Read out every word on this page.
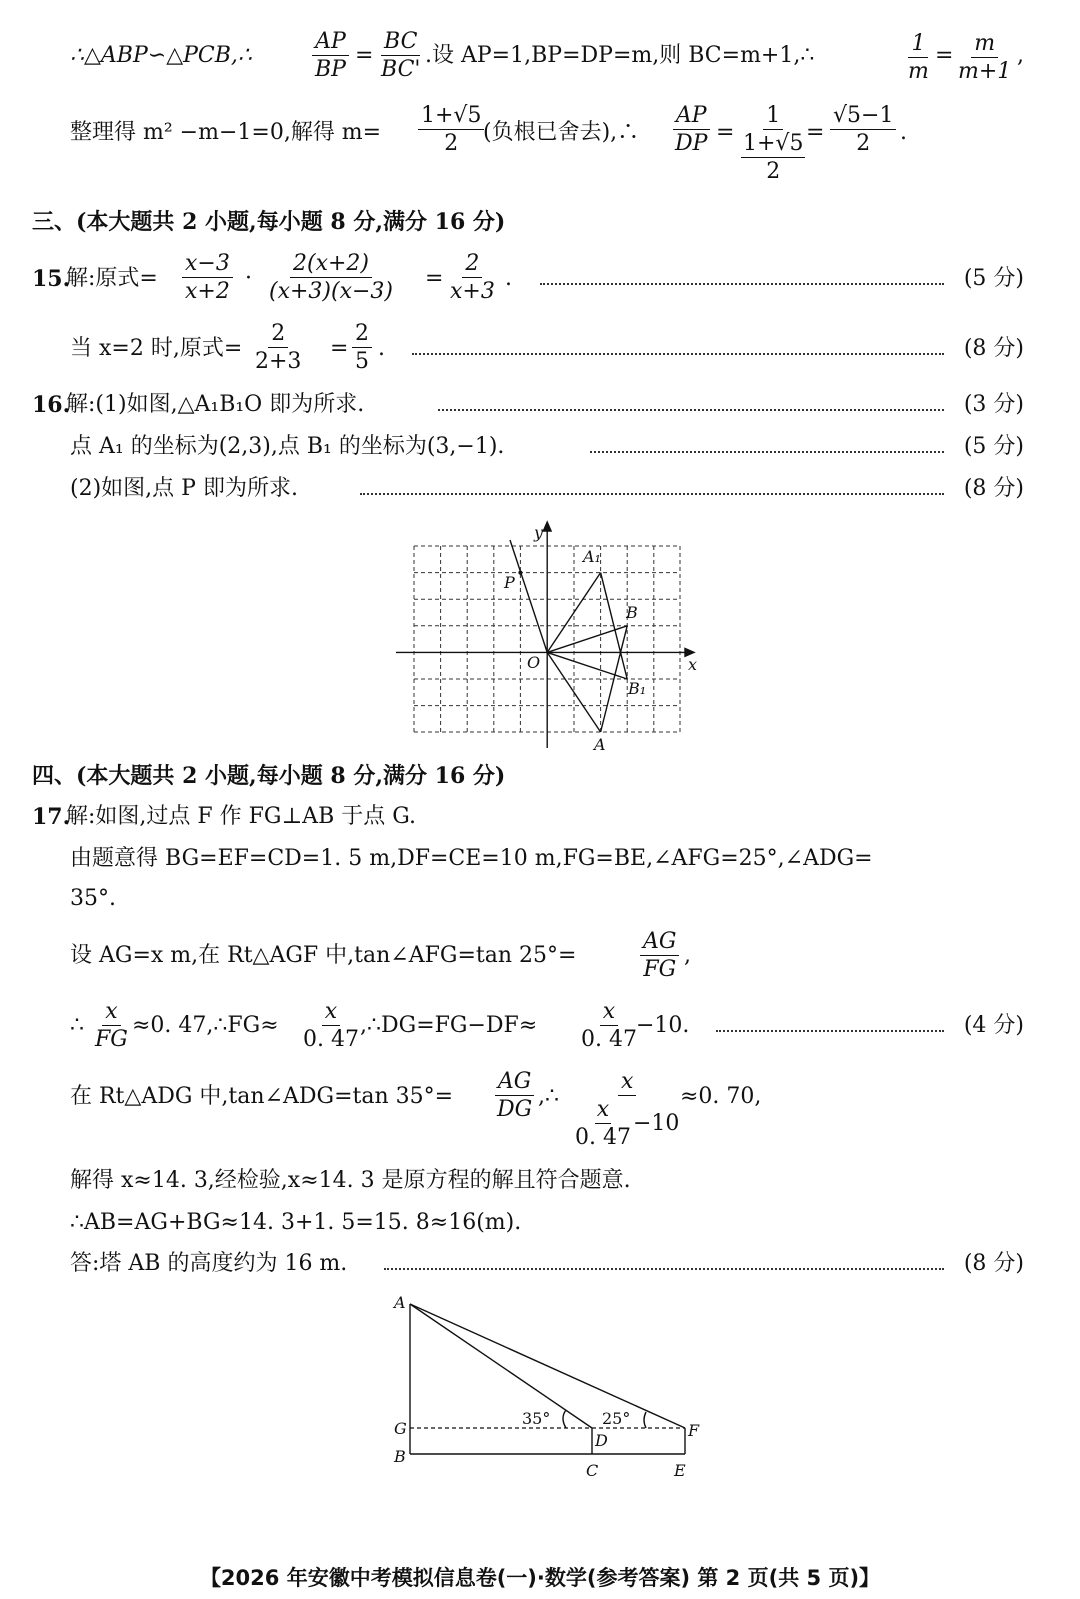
∴△ABP∽△PCB,∴	$\frac{AP}{BP} = \frac{BC}{BC'}$ .设 AP=1,BP=DP=m,则 BC=m+1,∴	$\frac{1}{m} = \frac{m}{m+1}$ ,
整理得 m² −m−1=0,解得 $m= \frac{1+√5}{2}$
(负根已舍去),∴ $\frac{AP}{DP} = \frac{1}{\frac{1+√5}{2}}$
= $\frac{√5-1}{2}$ .
三、(本大题共 2 小题,每小题 8 分,满分 16 分)
15.
解:原式= $\frac{x-3}{x+2} \cdot \frac{2(x+2)}{(x+3)(x-3)} = \frac{2}{x+3}$ .	(5 分)
当 x=2 时,原式= $\frac{2}{2+3} = \frac{2}{5}$ .	(8 分)
16.
解:(1)如图,△A₁B₁O 即为所求.	(3 分)
点 A₁ 的坐标为(2,3),点 B₁ 的坐标为(3,−1).	(5 分)
(2)如图,点 P 即为所求.	(8 分)
y
x
O
A₁
B
P
B₁
A
四、(本大题共 2 小题,每小题 8 分,满分 16 分)
17.
解:如图,过点 F 作 FG⊥AB 于点 G.
由题意得 BG=EF=CD=1. 5 m,DF=CE=10 m,FG=BE,∠AFG=25°,∠ADG=
35°.
设 AG=x m,在 Rt△AGF 中,tan∠AFG=tan 25°=	$\frac{AG}{FG}$ ,
∴ $\frac{x}{FG} \approx 0$. 47,∴FG≈ $\frac{x}{0. 47}$
,∴DG=FG−DF≈ $\frac{x}{0. 47}$
−10.	(4 分)
在 Rt△ADG 中,tan∠ADG=tan $35^\circ= \frac{AG}{DG}$ ,∴ $\frac{x}{\frac{x}{0. 47} -10}$
≈0. 70,
解得 x≈14. 3,经检验,x≈14. 3 是原方程的解且符合题意.
∴AB=AG+BG≈14. 3+1. 5=15. 8≈16(m).
答:塔 AB 的高度约为 16 m.	(8 分)
A
G
B
35°	25°
D
F
C	E
【2026 年安徽中考模拟信息卷(一)·数学(参考答案) 第 2 页(共 5 页)】
